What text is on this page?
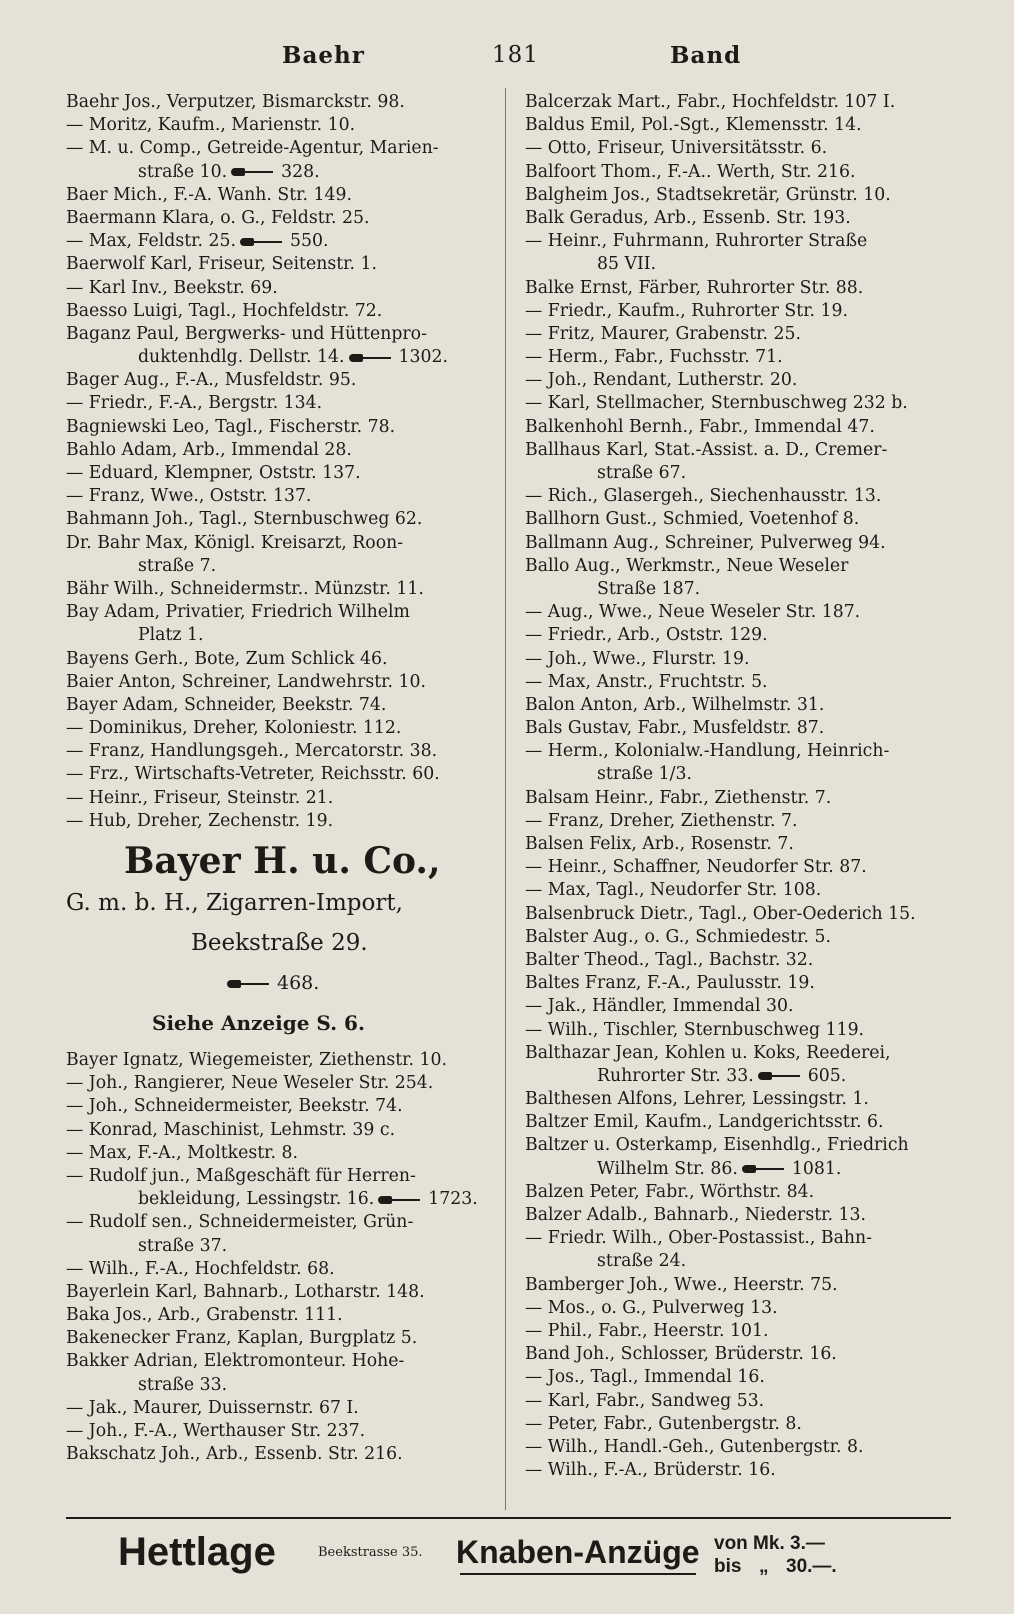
Baehr	181	Band
Baehr Jos., Verputzer, Bismarckstr. 98.
— Moritz, Kaufm., Marienstr. 10.
— M. u. Comp., Getreide-Agentur, Marien-
straße 10.	328.
Baer Mich., F.-A. Wanh. Str. 149.
Baermann Klara, o. G., Feldstr. 25.
— Max, Feldstr. 25.	550.
Baerwolf Karl, Friseur, Seitenstr. 1.
— Karl Inv., Beekstr. 69.
Baesso Luigi, Tagl., Hochfeldstr. 72.
Baganz Paul, Bergwerks- und Hüttenpro-
duktenhdlg. Dellstr. 14.	1302.
Bager Aug., F.-A., Musfeldstr. 95.
— Friedr., F.-A., Bergstr. 134.
Bagniewski Leo, Tagl., Fischerstr. 78.
Bahlo Adam, Arb., Immendal 28.
— Eduard, Klempner, Oststr. 137.
— Franz, Wwe., Oststr. 137.
Bahmann Joh., Tagl., Sternbuschweg 62.
Dr. Bahr Max, Königl. Kreisarzt, Roon-
straße 7.
Bähr Wilh., Schneidermstr.. Münzstr. 11.
Bay Adam, Privatier, Friedrich Wilhelm
Platz 1.
Bayens Gerh., Bote, Zum Schlick 46.
Baier Anton, Schreiner, Landwehrstr. 10.
Bayer Adam, Schneider, Beekstr. 74.
— Dominikus, Dreher, Koloniestr. 112.
— Franz, Handlungsgeh., Mercatorstr. 38.
— Frz., Wirtschafts-Vetreter, Reichsstr. 60.
— Heinr., Friseur, Steinstr. 21.
— Hub, Dreher, Zechenstr. 19.
Bayer H. u. Co.,
G. m. b. H., Zigarren-Import,
Beekstraße 29.
468.
Siehe Anzeige S. 6.
Bayer Ignatz, Wiegemeister, Ziethenstr. 10.
— Joh., Rangierer, Neue Weseler Str. 254.
— Joh., Schneidermeister, Beekstr. 74.
— Konrad, Maschinist, Lehmstr. 39 c.
— Max, F.-A., Moltkestr. 8.
— Rudolf jun., Maßgeschäft für Herren-
bekleidung, Lessingstr. 16.	1723.
— Rudolf sen., Schneidermeister, Grün-
straße 37.
— Wilh., F.-A., Hochfeldstr. 68.
Bayerlein Karl, Bahnarb., Lotharstr. 148.
Baka Jos., Arb., Grabenstr. 111.
Bakenecker Franz, Kaplan, Burgplatz 5.
Bakker Adrian, Elektromonteur. Hohe-
straße 33.
— Jak., Maurer, Duissernstr. 67 I.
— Joh., F.-A., Werthauser Str. 237.
Bakschatz Joh., Arb., Essenb. Str. 216.
Balcerzak Mart., Fabr., Hochfeldstr. 107 I.
Baldus Emil, Pol.-Sgt., Klemensstr. 14.
— Otto, Friseur, Universitätsstr. 6.
Balfoort Thom., F.-A.. Werth, Str. 216.
Balgheim Jos., Stadtsekretär, Grünstr. 10.
Balk Geradus, Arb., Essenb. Str. 193.
— Heinr., Fuhrmann, Ruhrorter Straße
85 VII.
Balke Ernst, Färber, Ruhrorter Str. 88.
— Friedr., Kaufm., Ruhrorter Str. 19.
— Fritz, Maurer, Grabenstr. 25.
— Herm., Fabr., Fuchsstr. 71.
— Joh., Rendant, Lutherstr. 20.
— Karl, Stellmacher, Sternbuschweg 232 b.
Balkenhohl Bernh., Fabr., Immendal 47.
Ballhaus Karl, Stat.-Assist. a. D., Cremer-
straße 67.
— Rich., Glasergeh., Siechenhausstr. 13.
Ballhorn Gust., Schmied, Voetenhof 8.
Ballmann Aug., Schreiner, Pulverweg 94.
Ballo Aug., Werkmstr., Neue Weseler
Straße 187.
— Aug., Wwe., Neue Weseler Str. 187.
— Friedr., Arb., Oststr. 129.
— Joh., Wwe., Flurstr. 19.
— Max, Anstr., Fruchtstr. 5.
Balon Anton, Arb., Wilhelmstr. 31.
Bals Gustav, Fabr., Musfeldstr. 87.
— Herm., Kolonialw.-Handlung, Heinrich-
straße 1/3.
Balsam Heinr., Fabr., Ziethenstr. 7.
— Franz, Dreher, Ziethenstr. 7.
Balsen Felix, Arb., Rosenstr. 7.
— Heinr., Schaffner, Neudorfer Str. 87.
— Max, Tagl., Neudorfer Str. 108.
Balsenbruck Dietr., Tagl., Ober-Oederich 15.
Balster Aug., o. G., Schmiedestr. 5.
Balter Theod., Tagl., Bachstr. 32.
Baltes Franz, F.-A., Paulusstr. 19.
— Jak., Händler, Immendal 30.
— Wilh., Tischler, Sternbuschweg 119.
Balthazar Jean, Kohlen u. Koks, Reederei,
Ruhrorter Str. 33.	605.
Balthesen Alfons, Lehrer, Lessingstr. 1.
Baltzer Emil, Kaufm., Landgerichtsstr. 6.
Baltzer u. Osterkamp, Eisenhdlg., Friedrich
Wilhelm Str. 86.	1081.
Balzen Peter, Fabr., Wörthstr. 84.
Balzer Adalb., Bahnarb., Niederstr. 13.
— Friedr. Wilh., Ober-Postassist., Bahn-
straße 24.
Bamberger Joh., Wwe., Heerstr. 75.
— Mos., o. G., Pulverweg 13.
— Phil., Fabr., Heerstr. 101.
Band Joh., Schlosser, Brüderstr. 16.
— Jos., Tagl., Immendal 16.
— Karl, Fabr., Sandweg 53.
— Peter, Fabr., Gutenbergstr. 8.
— Wilh., Handl.-Geh., Gutenbergstr. 8.
— Wilh., F.-A., Brüderstr. 16.
Hettlage	Beekstrasse 35. Knaben-Anzüge von Mk. 3.—
bis „ 30.—.
